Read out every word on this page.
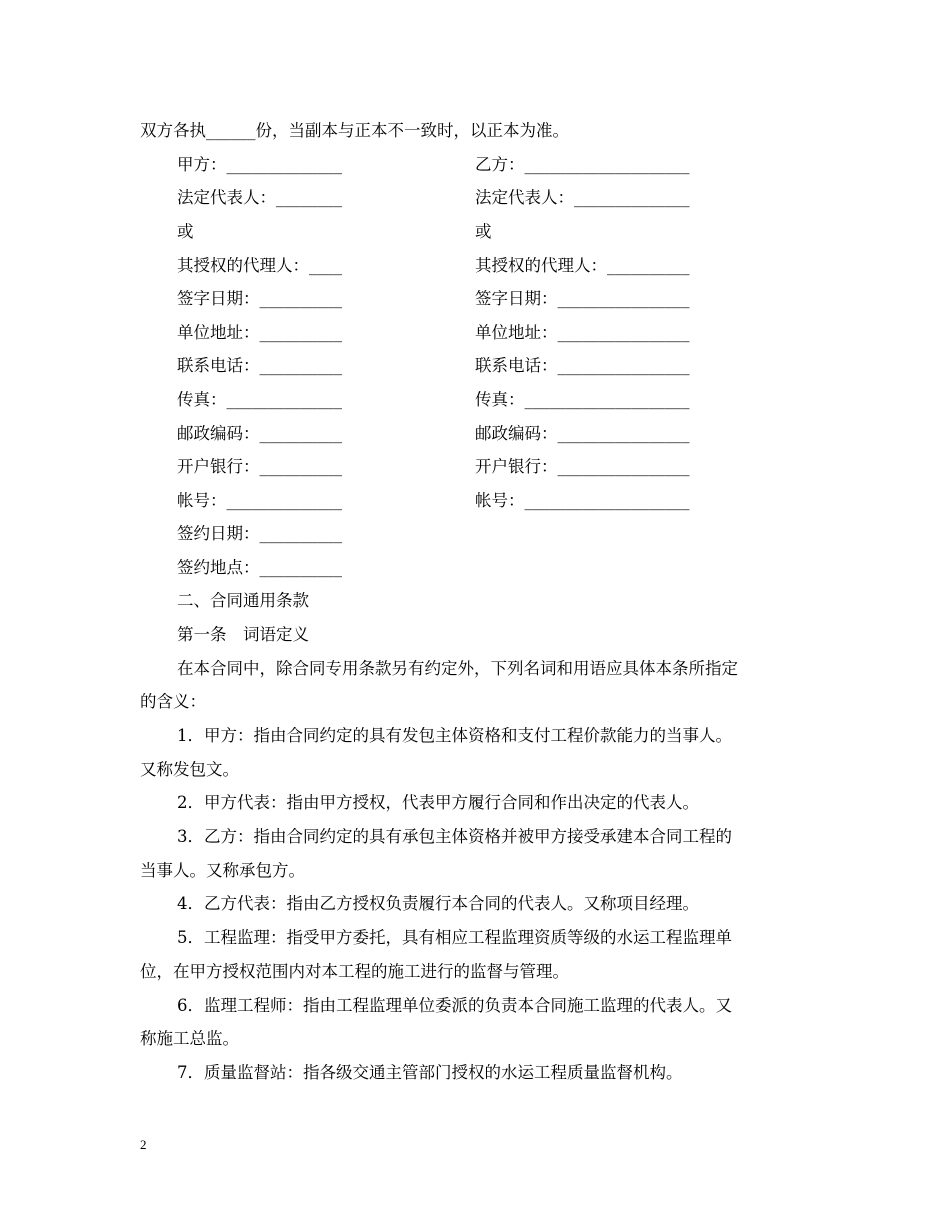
双方各执______份，当副本与正本不一致时，以正本为准。
甲方：______________
法定代表人：________
或
其授权的代理人：____
签字日期：__________
单位地址：__________
联系电话：__________
传真：______________
邮政编码：__________
开户银行：__________
帐号：______________
签约日期：__________
签约地点：__________
乙方：____________________
法定代表人：______________
或
其授权的代理人：__________
签字日期：________________
单位地址：________________
联系电话：________________
传真：____________________
邮政编码：________________
开户银行：________________
帐号：____________________
二、合同通用条款
第一条　词语定义
在本合同中，除合同专用条款另有约定外，下列名词和用语应具体本条所指定
的含义：
1．甲方：指由合同约定的具有发包主体资格和支付工程价款能力的当事人。
又称发包文。
2．甲方代表：指由甲方授权，代表甲方履行合同和作出决定的代表人。
3．乙方：指由合同约定的具有承包主体资格并被甲方接受承建本合同工程的
当事人。又称承包方。
4．乙方代表：指由乙方授权负责履行本合同的代表人。又称项目经理。
5．工程监理：指受甲方委托，具有相应工程监理资质等级的水运工程监理单
位，在甲方授权范围内对本工程的施工进行的监督与管理。
6．监理工程师：指由工程监理单位委派的负责本合同施工监理的代表人。又
称施工总监。
7．质量监督站：指各级交通主管部门授权的水运工程质量监督机构。
2
